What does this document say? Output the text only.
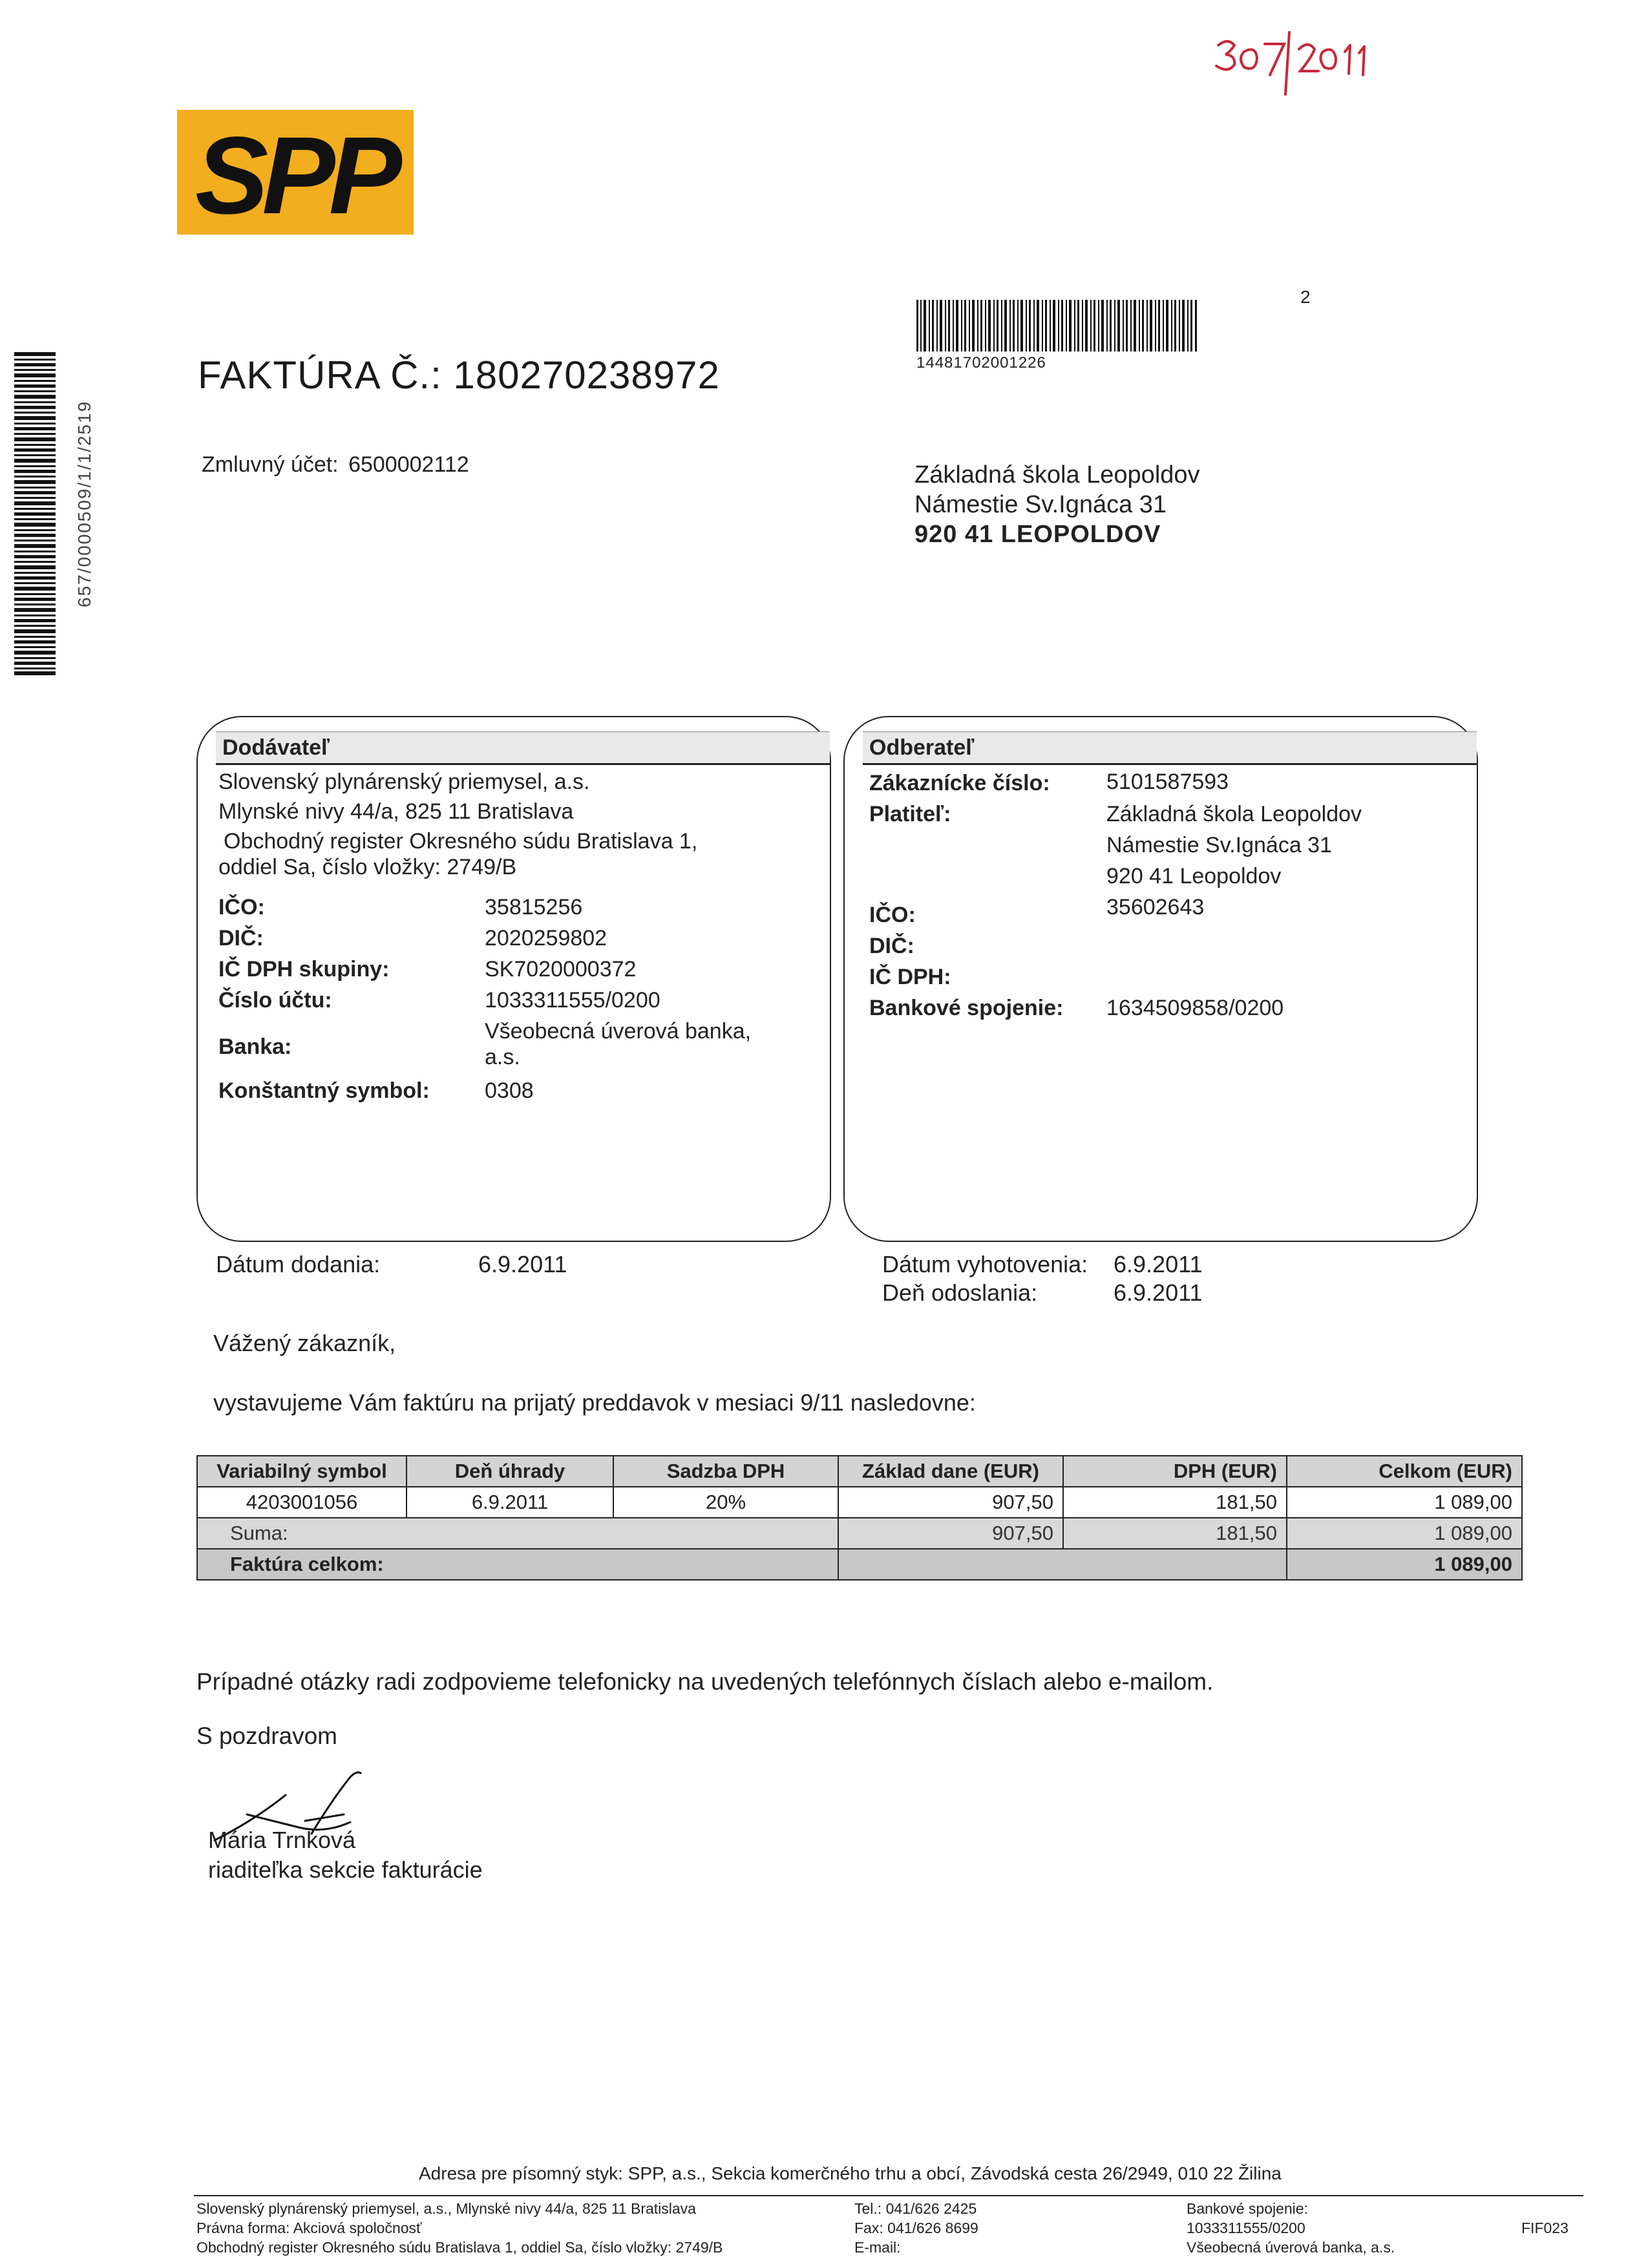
SPP
2
14481702001226
657/0000509/1/1/2519
FAKTÚRA Č.: 180270238972
Zmluvný účet: 6500002112	Základná škola Leopoldov
Námestie Sv.Ignáca 31
920 41 LEOPOLDOV
Dodávateľ
Slovenský plynárenský priemysel, a.s.
Mlynské nivy 44/a, 825 11 Bratislava
Obchodný register Okresného súdu Bratislava 1,
oddiel Sa, číslo vložky: 2749/B
IČO:	35815256
DIČ:	2020259802
IČ DPH skupiny:	SK7020000372
Číslo účtu:	1033311555/0200
Banka:
Všeobecná úverová banka,
a.s.
Konštantný symbol:	0308
Odberateľ
Zákaznícke číslo:	5101587593
Platiteľ:	Základná škola Leopoldov
Námestie Sv.Ignáca 31
920 41 Leopoldov
IČO:	35602643
DIČ:
IČ DPH:
Bankové spojenie: 1634509858/0200
Dátum dodania:	6.9.2011	Dátum vyhotovenia: 6.9.2011
Deň odoslania:	6.9.2011
Vážený zákazník,
vystavujeme Vám faktúru na prijatý preddavok v mesiaci 9/11 nasledovne:
Variabilný symbol	Deň úhrady	Sadzba DPH	Základ dane (EUR)	DPH (EUR)	Celkom (EUR)
4203001056	6.9.2011	20%	907,50	181,50	1 089,00
Suma:			907,50	181,50	1 089,00
Faktúra celkom:					1 089,00
Prípadné otázky radi zodpovieme telefonicky na uvedených telefónnych číslach alebo e-mailom.
S pozdravom
Mária Trnková
riaditeľka sekcie fakturácie
Adresa pre písomný styk: SPP, a.s., Sekcia komerčného trhu a obcí, Závodská cesta 26/2949, 010 22 Žilina
Slovenský plynárenský priemysel, a.s., Mlynské nivy 44/a, 825 11 Bratislava
Právna forma: Akciová spoločnosť
Obchodný register Okresného súdu Bratislava 1, oddiel Sa, číslo vložky: 2749/B
Tel.: 041/626 2425
Fax: 041/626 8699
E-mail:
Bankové spojenie:
1033311555/0200
Všeobecná úverová banka, a.s.
FIF023
